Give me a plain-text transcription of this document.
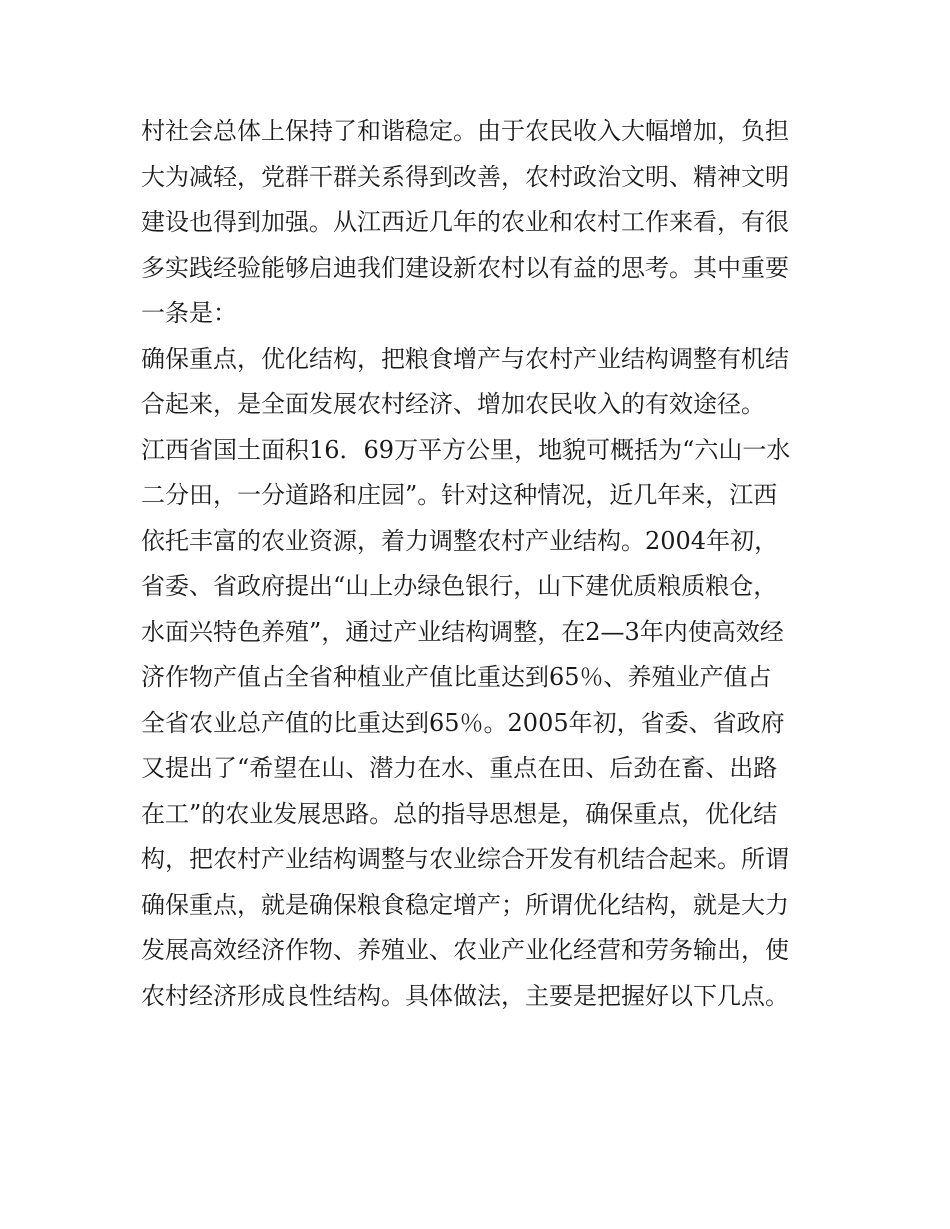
村社会总体上保持了和谐稳定。由于农民收入大幅增加，负担
大为减轻，党群干群关系得到改善，农村政治文明、精神文明
建设也得到加强。从江西近几年的农业和农村工作来看，有很
多实践经验能够启迪我们建设新农村以有益的思考。其中重要
一条是：
确保重点，优化结构，把粮食增产与农村产业结构调整有机结
合起来，是全面发展农村经济、增加农民收入的有效途径。
江西省国土面积16．69万平方公里，地貌可概括为“六山一水
二分田，一分道路和庄园”。针对这种情况，近几年来，江西
依托丰富的农业资源，着力调整农村产业结构。2004年初，
省委、省政府提出“山上办绿色银行，山下建优质粮质粮仓，
水面兴特色养殖”，通过产业结构调整，在2—3年内使高效经
济作物产值占全省种植业产值比重达到65％、养殖业产值占
全省农业总产值的比重达到65％。2005年初，省委、省政府
又提出了“希望在山、潜力在水、重点在田、后劲在畜、出路
在工”的农业发展思路。总的指导思想是，确保重点，优化结
构，把农村产业结构调整与农业综合开发有机结合起来。所谓
确保重点，就是确保粮食稳定增产；所谓优化结构，就是大力
发展高效经济作物、养殖业、农业产业化经营和劳务输出，使
农村经济形成良性结构。具体做法，主要是把握好以下几点。
